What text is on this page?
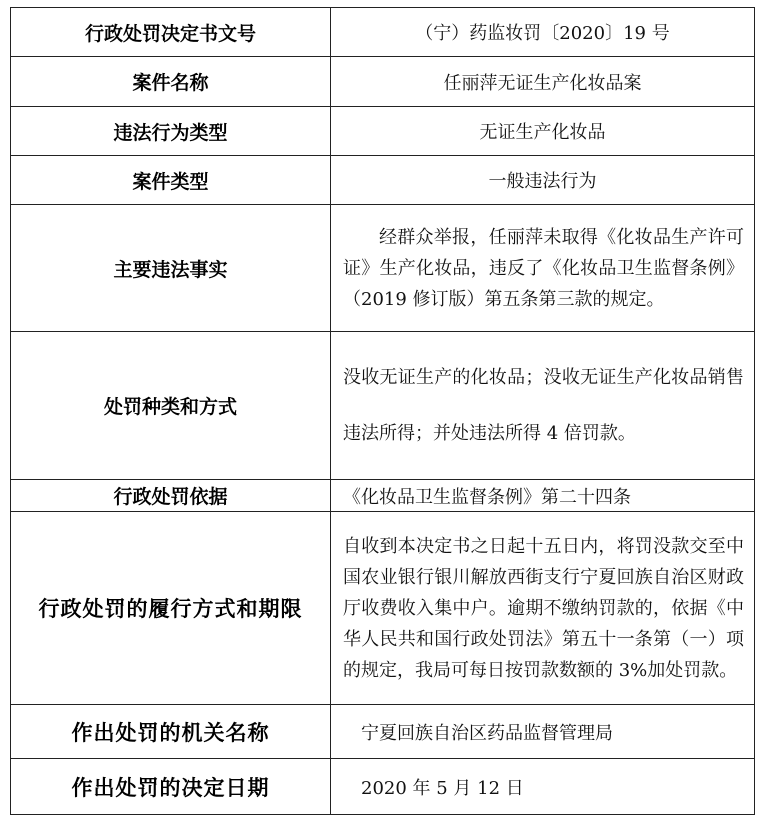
行政处罚决定书文号	（宁）药监妆罚〔2020〕19 号
案件名称	任丽萍无证生产化妆品案
违法行为类型	无证生产化妆品
案件类型	一般违法行为
主要违法事实	经群众举报，任丽萍未取得《化妆品生产许可证》生产化妆品，违反了《化妆品卫生监督条例》（2019 修订版）第五条第三款的规定。
处罚种类和方式	没收无证生产的化妆品；没收无证生产化妆品销售违法所得；并处违法所得 4 倍罚款。
行政处罚依据	《化妆品卫生监督条例》第二十四条
行政处罚的履行方式和期限	自收到本决定书之日起十五日内，将罚没款交至中国农业银行银川解放西街支行宁夏回族自治区财政厅收费收入集中户。逾期不缴纳罚款的，依据《中华人民共和国行政处罚法》第五十一条第（一）项的规定，我局可每日按罚款数额的 3%加处罚款。
作出处罚的机关名称	宁夏回族自治区药品监督管理局
作出处罚的决定日期	2020 年 5 月 12 日
